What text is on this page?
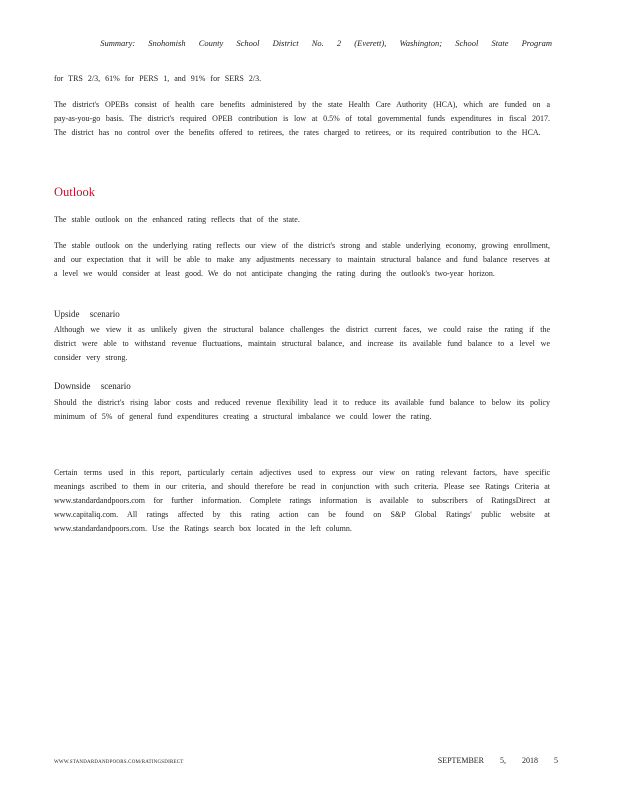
Summary: Snohomish County School District No. 2 (Everett), Washington; School State Program

for TRS 2/3, 61% for PERS 1, and 91% for SERS 2/3.

The district's OPEBs consist of health care benefits administered by the state Health Care Authority (HCA), which are funded on a pay-as-you-go basis. The district's required OPEB contribution is low at 0.5% of total governmental funds expenditures in fiscal 2017. The district has no control over the benefits offered to retirees, the rates charged to retirees, or its required contribution to the HCA.

Outlook

The stable outlook on the enhanced rating reflects that of the state.

The stable outlook on the underlying rating reflects our view of the district's strong and stable underlying economy, growing enrollment, and our expectation that it will be able to make any adjustments necessary to maintain structural balance and fund balance reserves at a level we would consider at least good. We do not anticipate changing the rating during the outlook's two-year horizon.

Upside scenario

Although we view it as unlikely given the structural balance challenges the district current faces, we could raise the rating if the district were able to withstand revenue fluctuations, maintain structural balance, and increase its available fund balance to a level we consider very strong.

Downside scenario

Should the district's rising labor costs and reduced revenue flexibility lead it to reduce its available fund balance to below its policy minimum of 5% of general fund expenditures creating a structural imbalance we could lower the rating.

Certain terms used in this report, particularly certain adjectives used to express our view on rating relevant factors, have specific meanings ascribed to them in our criteria, and should therefore be read in conjunction with such criteria. Please see Ratings Criteria at www.standardandpoors.com for further information. Complete ratings information is available to subscribers of RatingsDirect at www.capitaliq.com. All ratings affected by this rating action can be found on S&P Global Ratings' public website at www.standardandpoors.com. Use the Ratings search box located in the left column.

WWW.STANDARDANDPOORS.COM/RATINGSDIRECT	SEPTEMBER 5, 2018 5
